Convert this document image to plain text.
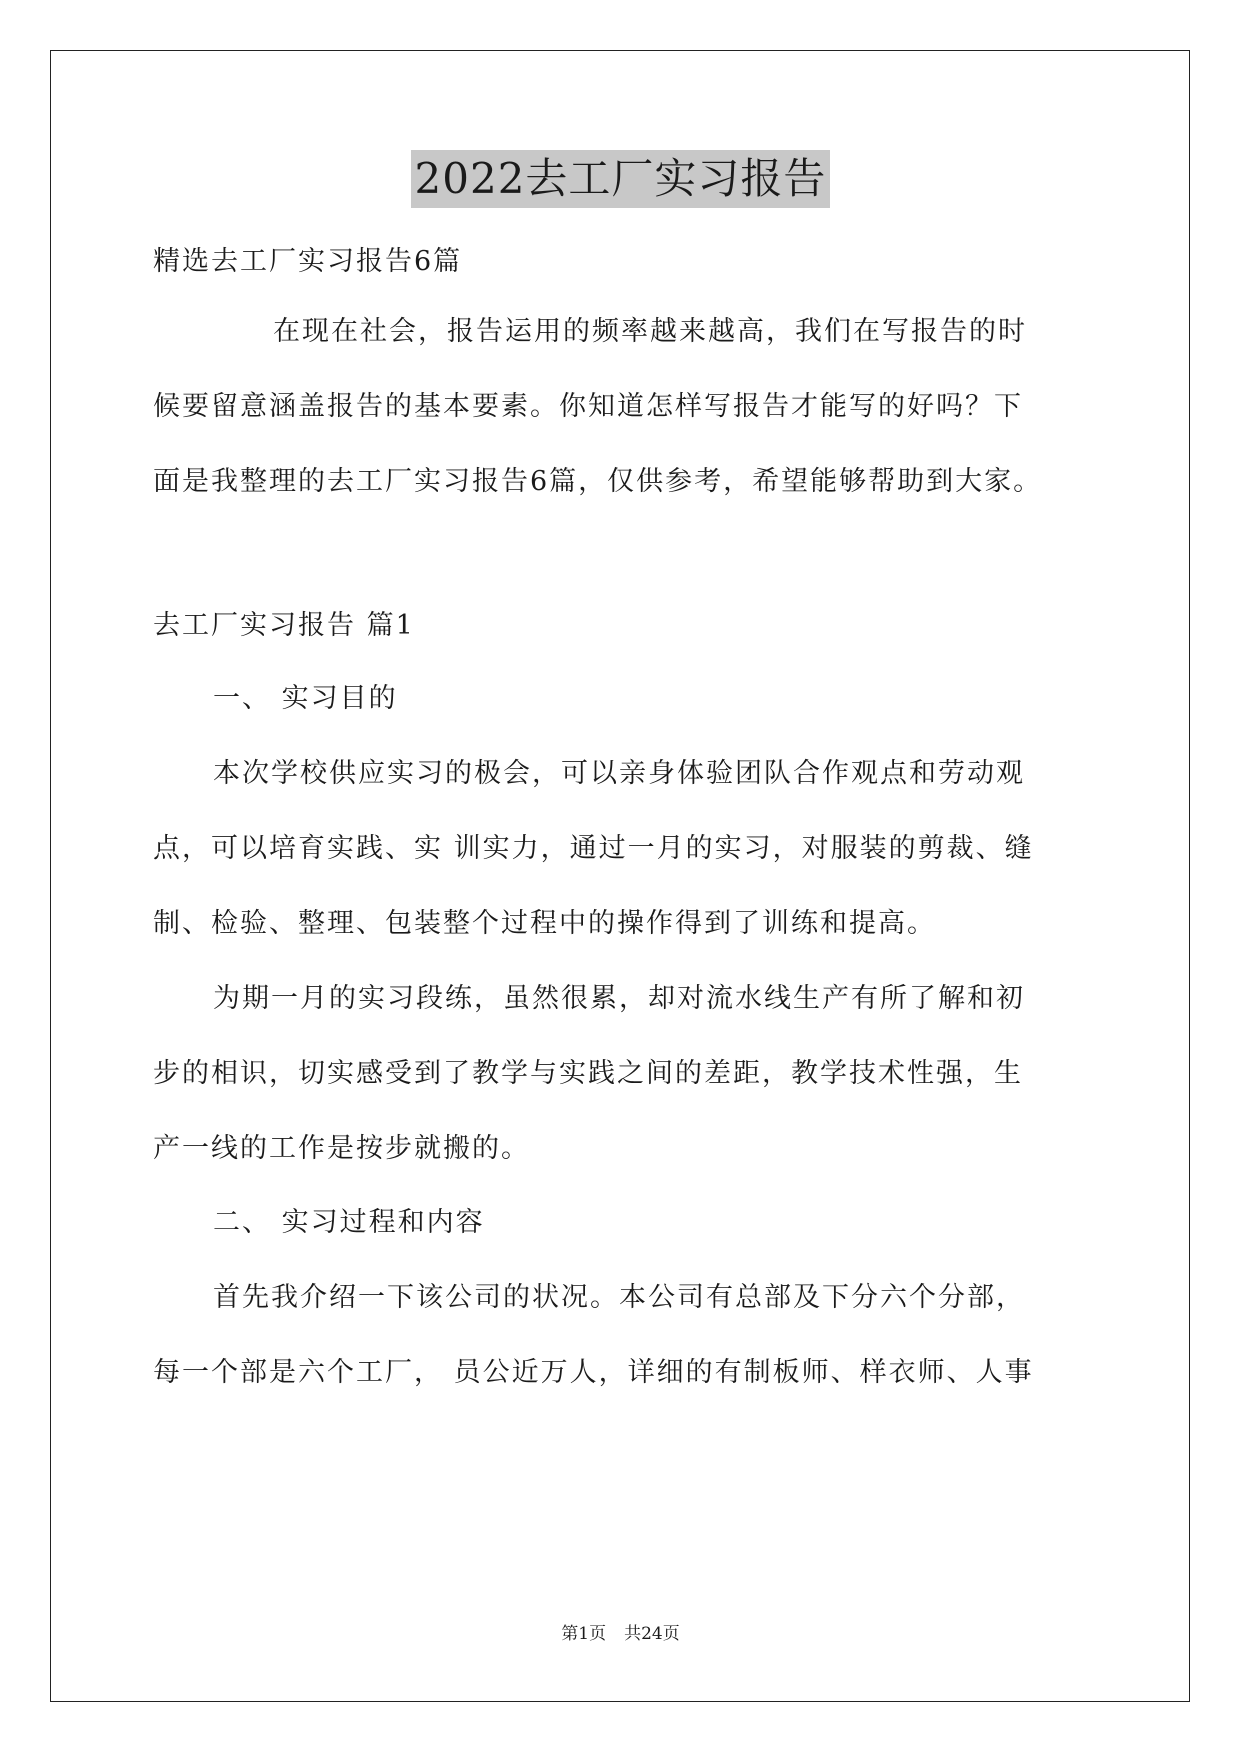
2022去工厂实习报告
精选去工厂实习报告6篇
在现在社会，报告运用的频率越来越高，我们在写报告的时
候要留意涵盖报告的基本要素。你知道怎样写报告才能写的好吗？下
面是我整理的去工厂实习报告6篇，仅供参考，希望能够帮助到大家。
去工厂实习报告 篇1
一、 实习目的
本次学校供应实习的极会，可以亲身体验团队合作观点和劳动观
点，可以培育实践、实 训实力，通过一月的实习，对服装的剪裁、缝
制、检验、整理、包装整个过程中的操作得到了训练和提高。
为期一月的实习段练，虽然很累，却对流水线生产有所了解和初
步的相识，切实感受到了教学与实践之间的差距，教学技术性强，生
产一线的工作是按步就搬的。
二、 实习过程和内容
首先我介绍一下该公司的状况。本公司有总部及下分六个分部，
每一个部是六个工厂， 员公近万人，详细的有制板师、样衣师、人事
第1页 共24页
